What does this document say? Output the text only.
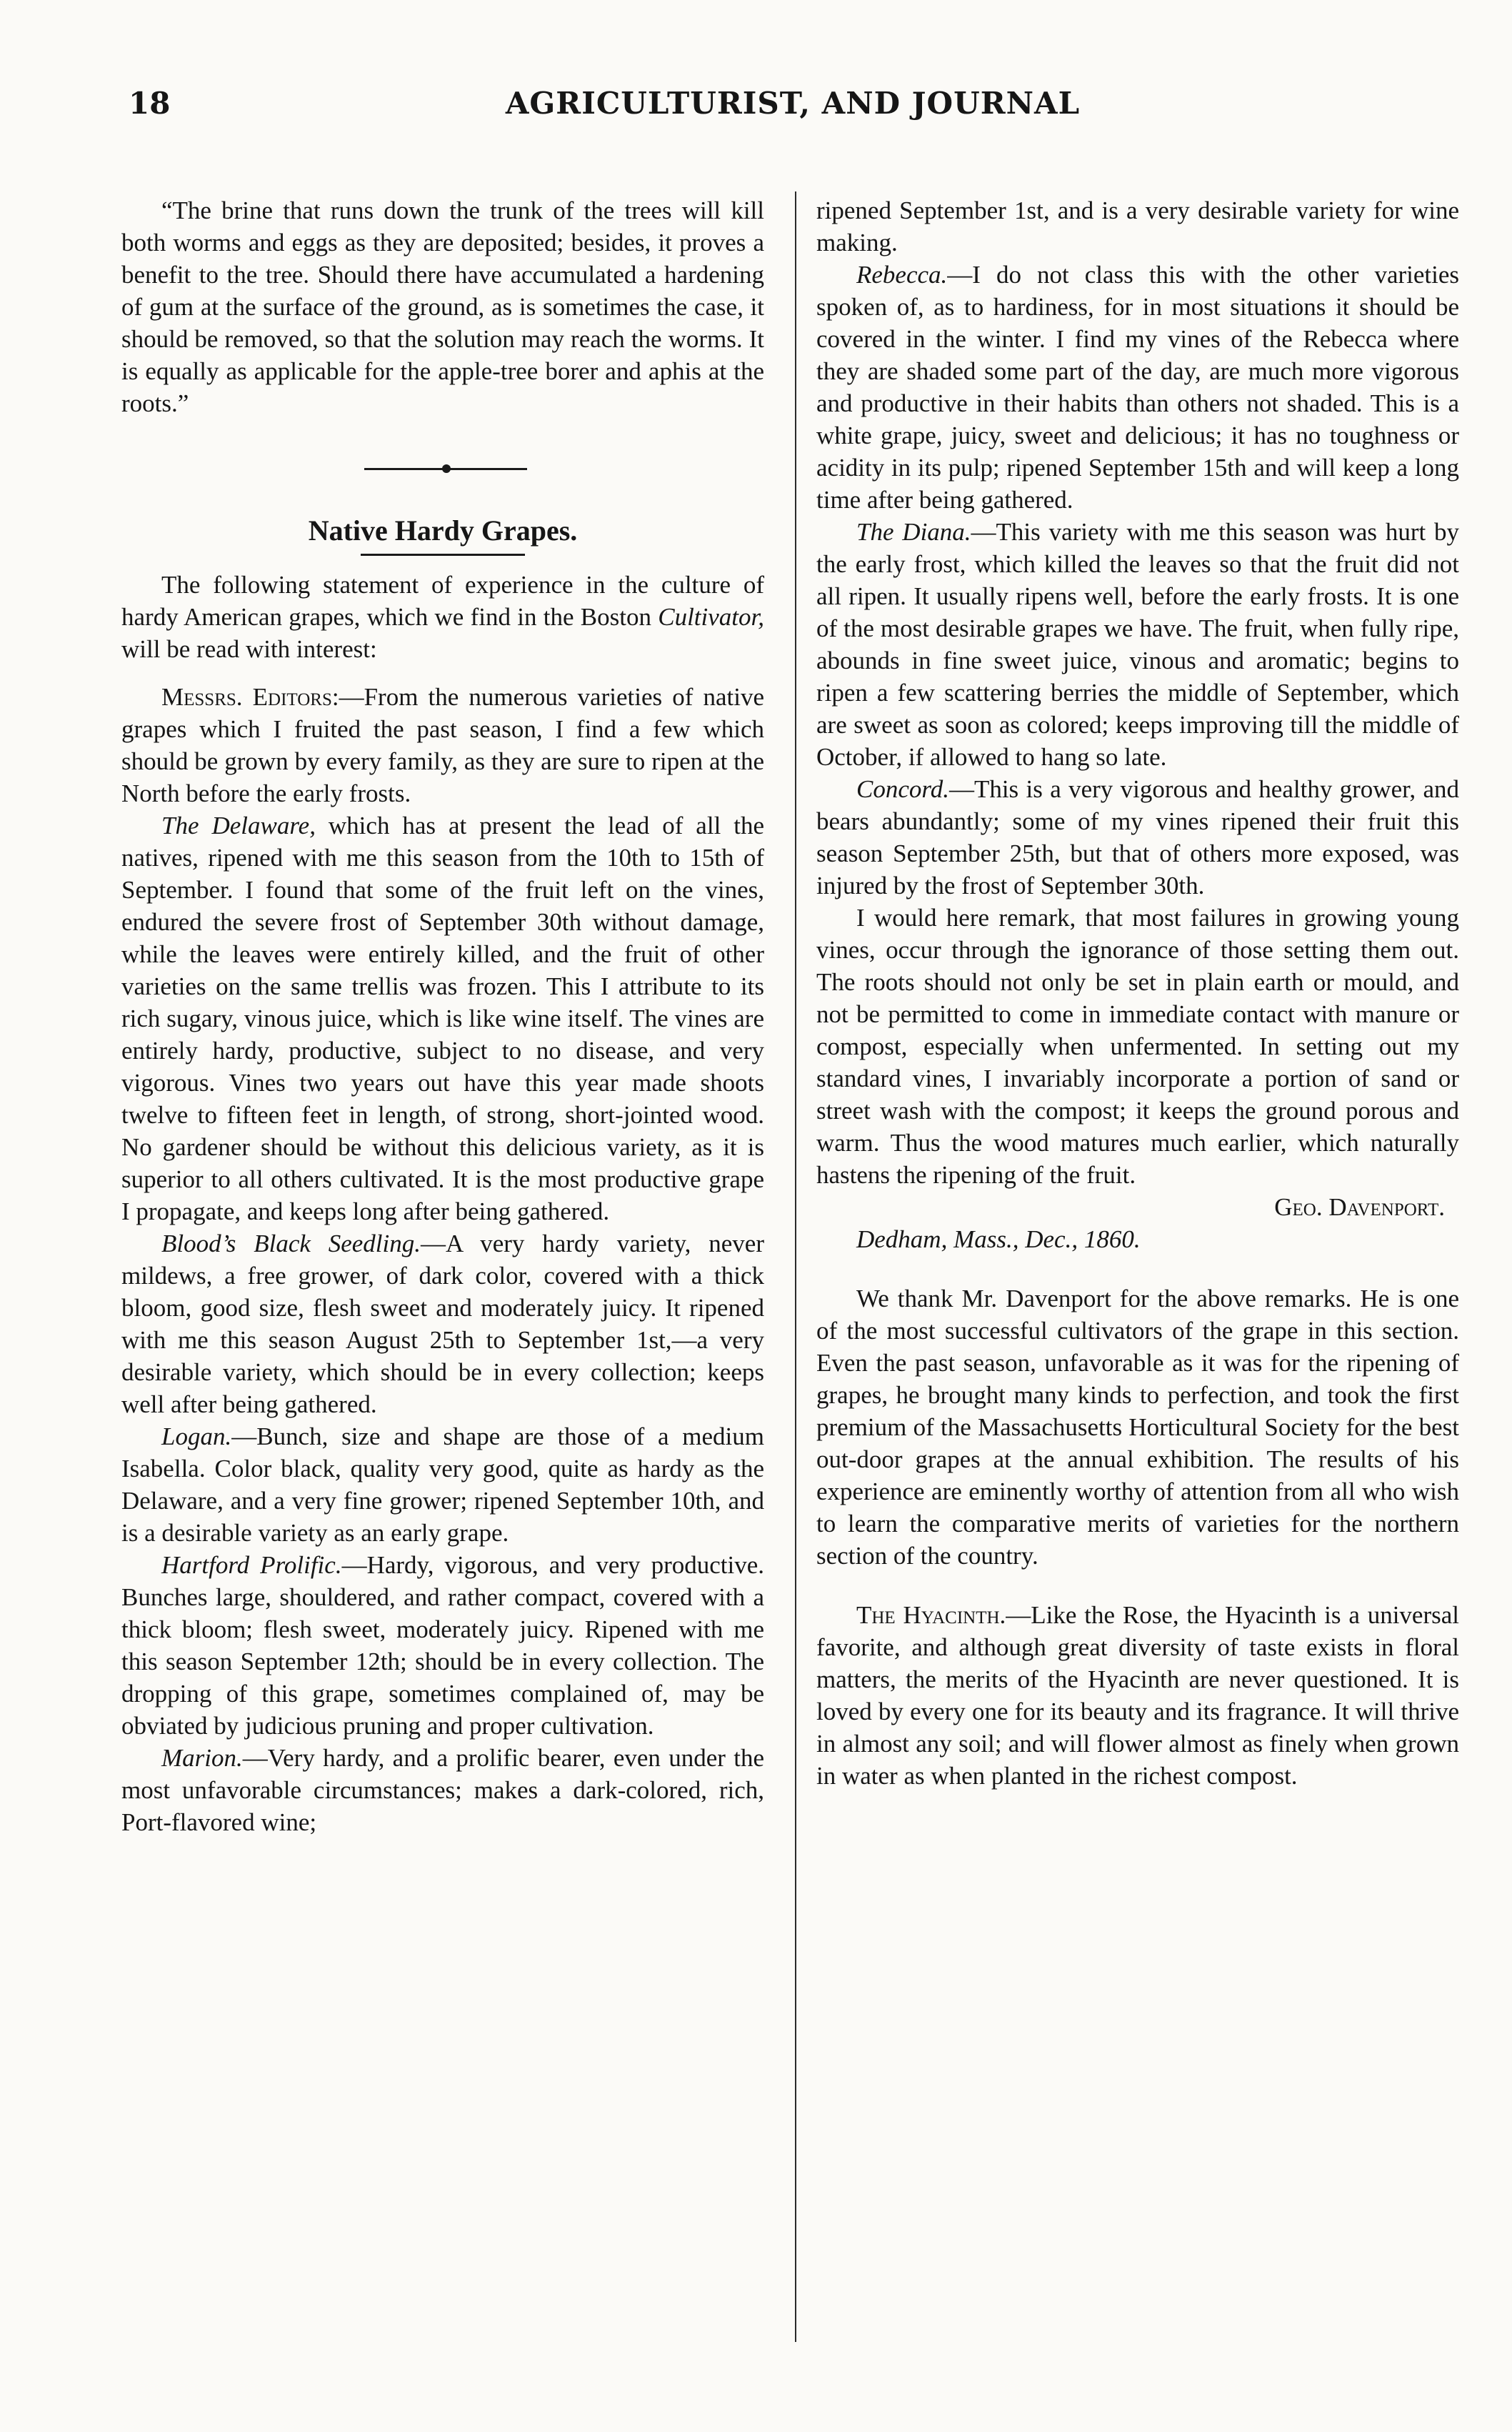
18	AGRICULTURIST, AND JOURNAL

“The brine that runs down the trunk of the trees will kill both worms and eggs as they are deposited; besides, it proves a benefit to the tree. Should there have accumulated a hardening of gum at the surface of the ground, as is sometimes the case, it should be removed, so that the solution may reach the worms. It is equally as applicable for the apple-tree borer and aphis at the roots.”

Native Hardy Grapes.

The following statement of experience in the culture of hardy American grapes, which we find in the Boston Cultivator, will be read with interest:

Messrs. Editors:—From the numerous varieties of native grapes which I fruited the past season, I find a few which should be grown by every family, as they are sure to ripen at the North before the early frosts.

The Delaware, which has at present the lead of all the natives, ripened with me this season from the 10th to 15th of September. I found that some of the fruit left on the vines, endured the severe frost of September 30th without damage, while the leaves were entirely killed, and the fruit of other varieties on the same trellis was frozen. This I attribute to its rich sugary, vinous juice, which is like wine itself. The vines are entirely hardy, productive, subject to no disease, and very vigorous. Vines two years out have this year made shoots twelve to fifteen feet in length, of strong, short-jointed wood. No gardener should be without this delicious variety, as it is superior to all others cultivated. It is the most productive grape I propagate, and keeps long after being gathered.

Blood’s Black Seedling.—A very hardy variety, never mildews, a free grower, of dark color, covered with a thick bloom, good size, flesh sweet and moderately juicy. It ripened with me this season August 25th to September 1st,—a very desirable variety, which should be in every collection; keeps well after being gathered.

Logan.—Bunch, size and shape are those of a medium Isabella. Color black, quality very good, quite as hardy as the Delaware, and a very fine grower; ripened September 10th, and is a desirable variety as an early grape.

Hartford Prolific.—Hardy, vigorous, and very productive. Bunches large, shouldered, and rather compact, covered with a thick bloom; flesh sweet, moderately juicy. Ripened with me this season September 12th; should be in every collection. The dropping of this grape, sometimes complained of, may be obviated by judicious pruning and proper cultivation.

Marion.—Very hardy, and a prolific bearer, even under the most unfavorable circumstances; makes a dark-colored, rich, Port-flavored wine;

ripened September 1st, and is a very desirable variety for wine making.

Rebecca.—I do not class this with the other varieties spoken of, as to hardiness, for in most situations it should be covered in the winter. I find my vines of the Rebecca where they are shaded some part of the day, are much more vigorous and productive in their habits than others not shaded. This is a white grape, juicy, sweet and delicious; it has no toughness or acidity in its pulp; ripened September 15th and will keep a long time after being gathered.

The Diana.—This variety with me this season was hurt by the early frost, which killed the leaves so that the fruit did not all ripen. It usually ripens well, before the early frosts. It is one of the most desirable grapes we have. The fruit, when fully ripe, abounds in fine sweet juice, vinous and aromatic; begins to ripen a few scattering berries the middle of September, which are sweet as soon as colored; keeps improving till the middle of October, if allowed to hang so late.

Concord.—This is a very vigorous and healthy grower, and bears abundantly; some of my vines ripened their fruit this season September 25th, but that of others more exposed, was injured by the frost of September 30th.

I would here remark, that most failures in growing young vines, occur through the ignorance of those setting them out. The roots should not only be set in plain earth or mould, and not be permitted to come in immediate contact with manure or compost, especially when unfermented. In setting out my standard vines, I invariably incorporate a portion of sand or street wash with the compost; it keeps the ground porous and warm. Thus the wood matures much earlier, which naturally hastens the ripening of the fruit.

Geo. Davenport.

Dedham, Mass., Dec., 1860.

We thank Mr. Davenport for the above remarks. He is one of the most successful cultivators of the grape in this section. Even the past season, unfavorable as it was for the ripening of grapes, he brought many kinds to perfection, and took the first premium of the Massachusetts Horticultural Society for the best out-door grapes at the annual exhibition. The results of his experience are eminently worthy of attention from all who wish to learn the comparative merits of varieties for the northern section of the country.

The Hyacinth.—Like the Rose, the Hyacinth is a universal favorite, and although great diversity of taste exists in floral matters, the merits of the Hyacinth are never questioned. It is loved by every one for its beauty and its fragrance. It will thrive in almost any soil; and will flower almost as finely when grown in water as when planted in the richest compost.
